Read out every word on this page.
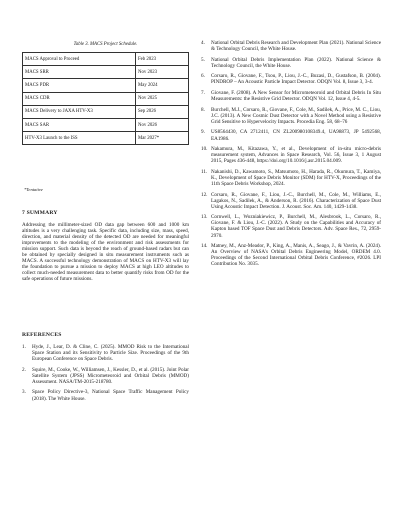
Table 3. MACS Project Schedule.
MACS Approval to Proceed	Feb 2023
MACS SRR	Nov 2023
MACS PDR	May 2024
MACS CDR	Nov 2025
MACS Delivery to JAXA HTV-X3	Sep 2026
MACS SAR	Nov 2026
HTV-X3 Launch to the ISS	Mar 2027*
*Tentative
7 SUMMARY
Addressing the millimeter-sized OD data gap between 600 and 1000 km altitudes is a very challenging task. Specific data, including size, mass, speed, direction, and material density of the detected OD are needed for meaningful improvements to the modeling of the environment and risk assessments for mission support. Such data is beyond the reach of ground-based radars but can be obtained by specially designed in situ measurement instruments such as MACS. A successful technology demonstration of MACS on HTV-X3 will lay the foundation to pursue a mission to deploy MACS at high LEO altitudes to collect much-needed measurement data to better quantify risks from OD for the safe operations of future missions.
REFERENCES
1. Hyde, J., Lear, D. & Cline, C. (2025). MMOD Risk to the International Space Station and its Sensitivity to Particle Size. Proceedings of the 9th European Conference on Space Debris.
2. Squire, M., Cooke, W., Williamsen, J., Kessler, D., et al. (2015). Joint Polar Satellite System (JPSS) Micrometeoroid and Orbital Debris (MMOD) Assessment. NASA/TM-2015-218780.
3. Space Policy Directive-3, National Space Traffic Management Policy (2018). The White House.
4. National Orbital Debris Research and Development Plan (2021). National Science & Technology Council, the White House.
5. National Orbital Debris Implementation Plan (2022). National Science & Technology Council, the White House.
6. Corsaro, R., Giovane, F., Tsou, P., Liou, J.-C., Buzasi, D., Gustafson, B. (2004). PINDROP – An Acoustic Particle Impact Detector. ODQN Vol. 8, Issue 3, 3-4.
7. Giovane, F. (2008). A New Sensor for Micrometeoroid and Orbital Debris In Situ Measurements: the Resistive Grid Detector. ODQN Vol. 12, Issue 4, 4-5.
8. Burchell, M.J., Corsaro, R., Giovane, F., Cole, M., Sadilek, A., Price, M. C., Liou, J.C. (2013). A New Cosmic Dust Detector with a Novel Method using a Resistive Grid Sensitive to Hypervelocity Impacts. Procedia Eng. 58, 68–76
9. US8564430, CA 2712411, CN ZL200980108349.4, UA98873, JP 5492568, EA1986.
10. Nakamura, M., Kitazawa, Y., et al., Development of in-situ micro-debris measurement system, Advances in Space Research, Vol. 56, Issue 3, 1 August 2015, Pages 436-448, https://doi.org/10.1016/j.asr.2015.04.009.
11. Nakanishi, D., Kawamoto, S., Matsumoto, H., Harada, R., Okumura, T., Kamiya, K., Development of Space Debris Monitor (SDM) for HTV-X, Proceedings of the 11th Space Debris Workshop, 2024.
12. Corsaro, R., Giovane, F., Liou, J.-C., Burchell, M., Cole, M., Williams, E., Lagakos, N., Sadilek, A., & Anderson, R. (2016). Characterization of Space Dust Using Acoustic Impact Detection. J. Acoust. Soc. Am. 140, 1429-1438.
13. Cornwell, L., Wozniakiewicz, P., Burchell, M., Alesbrook, L., Corsaro, R., Giovane, F. & Liou, J.-C. (2022). A Study on the Capabilities and Accuracy of Kapton based TOF Space Dust and Debris Detectors. Adv. Space Res., 72, 2959-2970.
14. Matney, M., Anz-Meador, P., King, A., Manis, A., Seago, J., & Vavrin, A. (2024). An Overview of NASA's Orbital Debris Engineering Model, ORDEM 4.0. Proceedings of the Second International Orbital Debris Conference, #2026. LPI Contribution No. 3035.
